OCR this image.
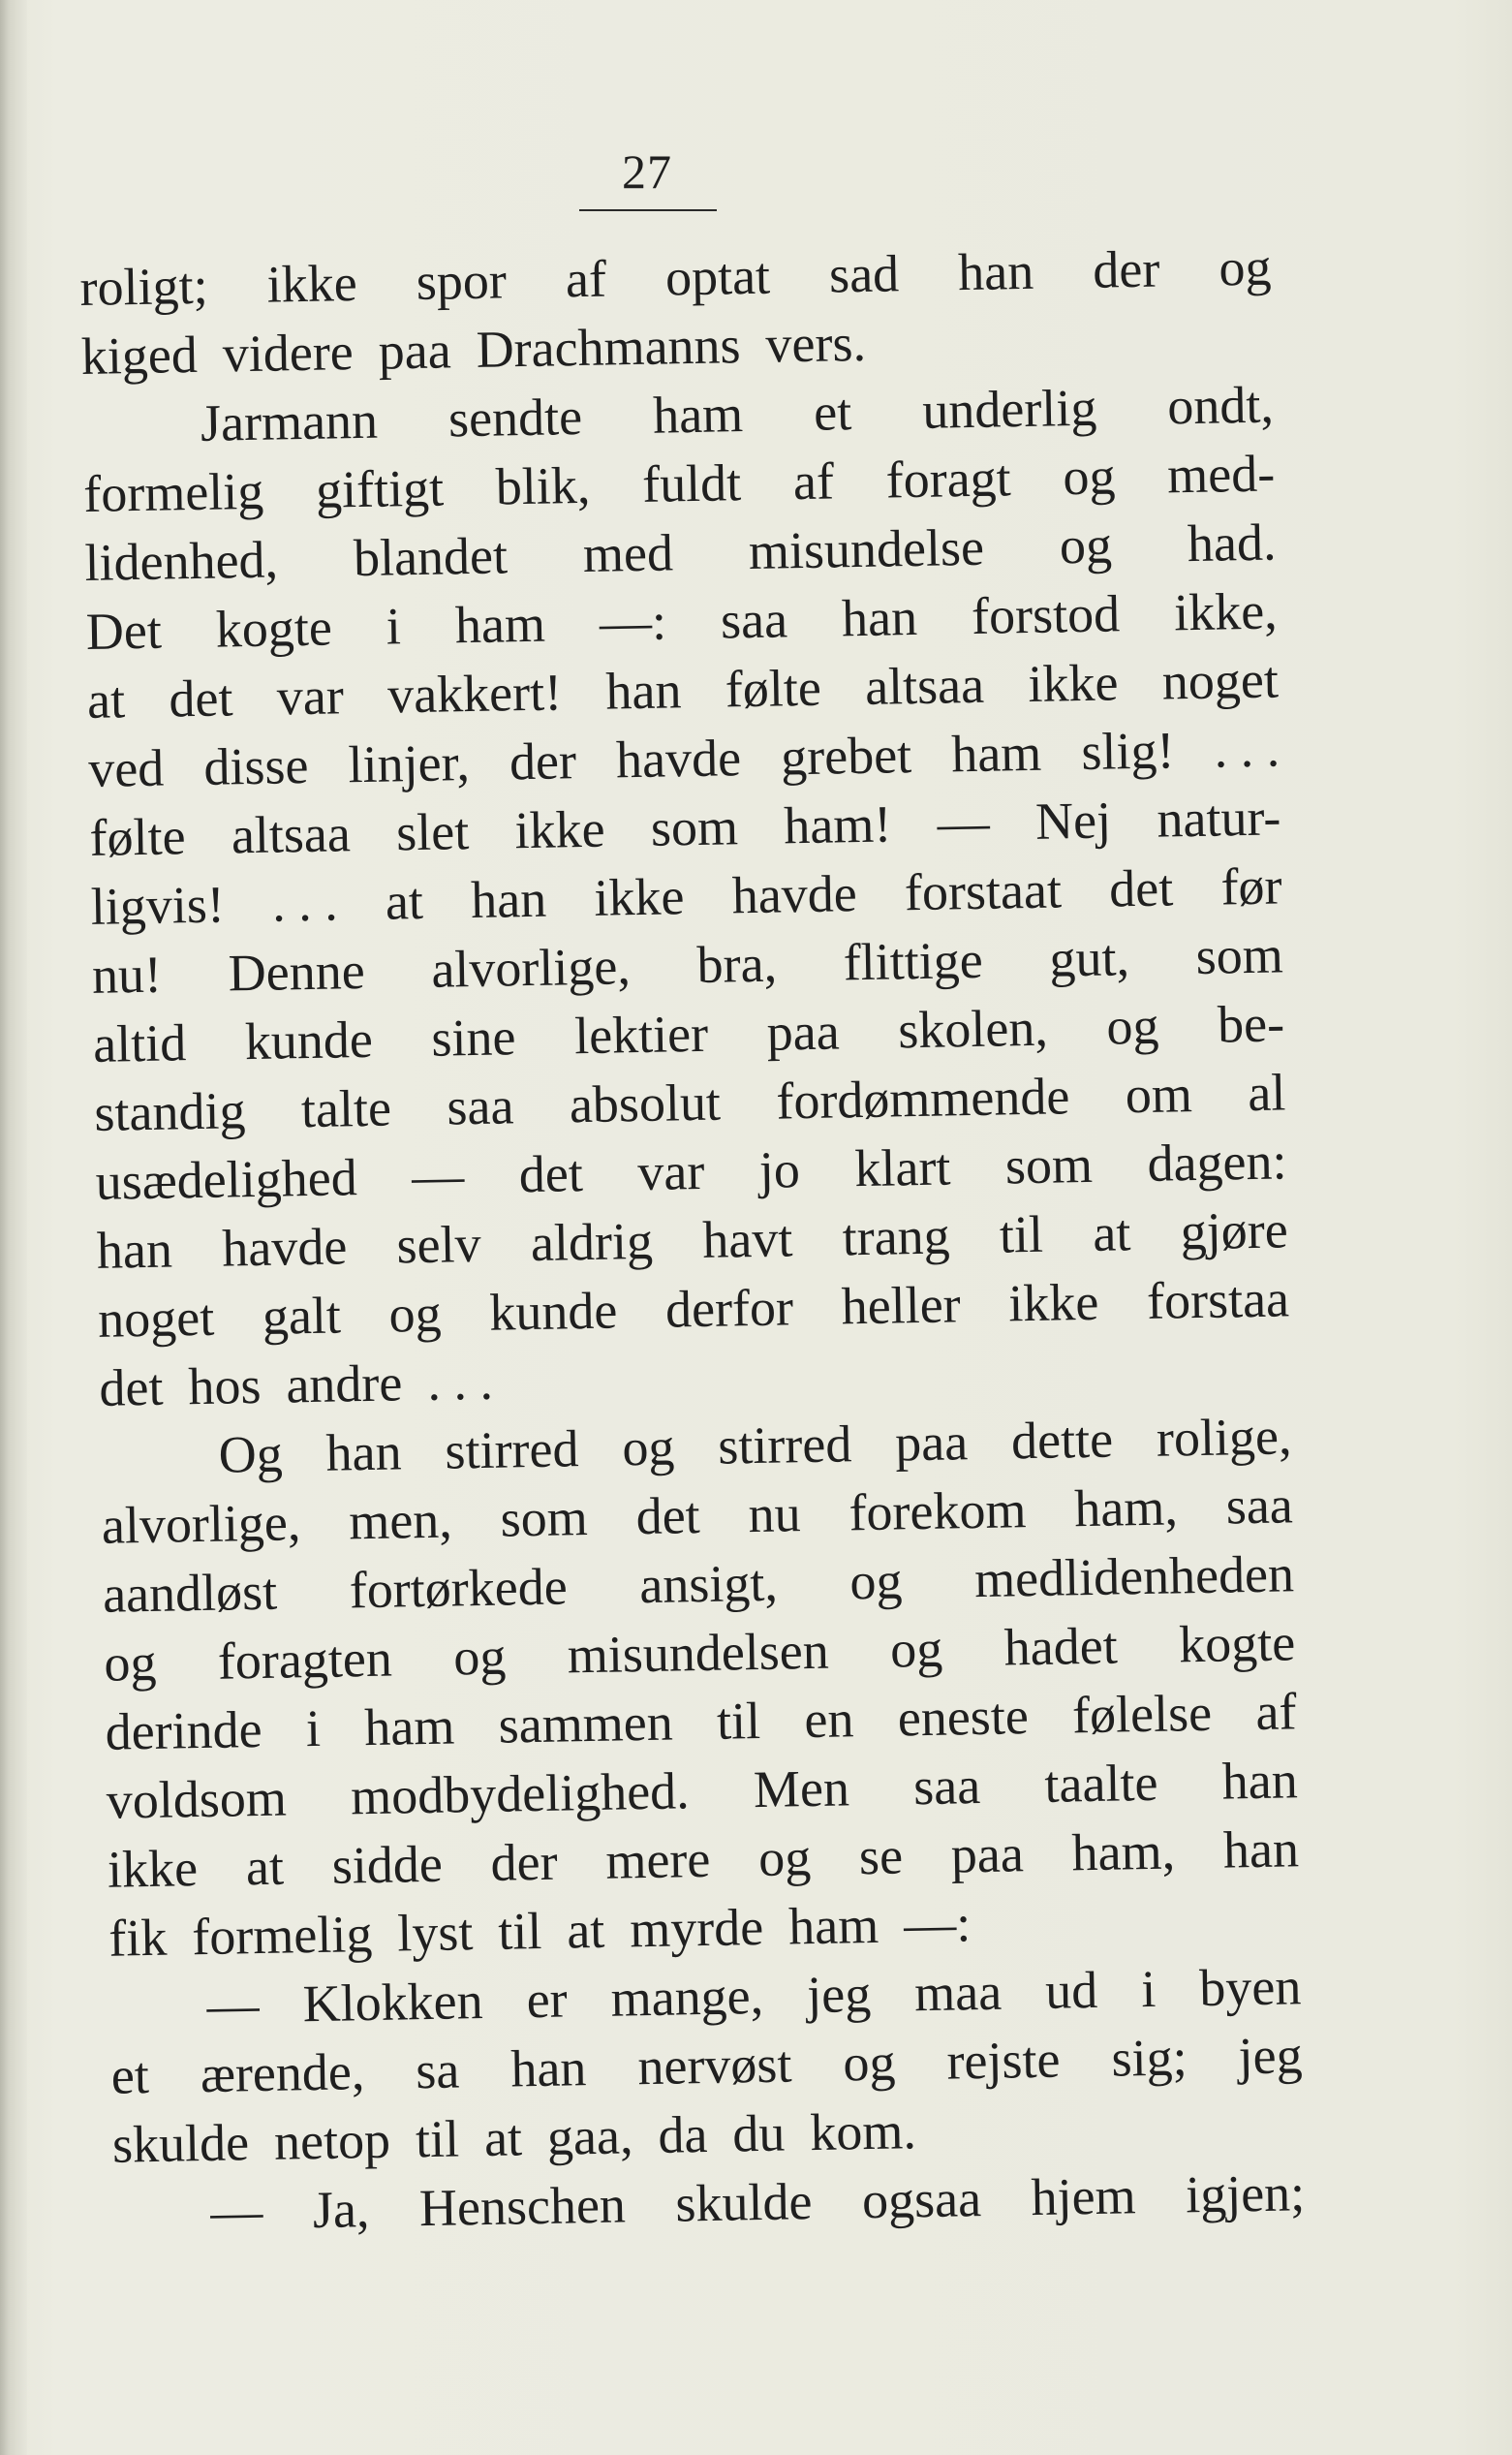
27
roligt; ikke spor af optat sad han der og
kiged videre paa Drachmanns vers.
Jarmann sendte ham et underlig ondt,
formelig giftigt blik, fuldt af foragt og med-
lidenhed, blandet med misundelse og had.
Det kogte i ham —: saa han forstod ikke,
at det var vakkert! han følte altsaa ikke noget
ved disse linjer, der havde grebet ham slig! . . .
følte altsaa slet ikke som ham! — Nej natur-
ligvis! . . . at han ikke havde forstaat det før
nu! Denne alvorlige, bra, flittige gut, som
altid kunde sine lektier paa skolen, og be-
standig talte saa absolut fordømmende om al
usædelighed — det var jo klart som dagen:
han havde selv aldrig havt trang til at gjøre
noget galt og kunde derfor heller ikke forstaa
det hos andre . . .
Og han stirred og stirred paa dette rolige,
alvorlige, men, som det nu forekom ham, saa
aandløst fortørkede ansigt, og medlidenheden
og foragten og misundelsen og hadet kogte
derinde i ham sammen til en eneste følelse af
voldsom modbydelighed. Men saa taalte han
ikke at sidde der mere og se paa ham, han
fik formelig lyst til at myrde ham —:
— Klokken er mange, jeg maa ud i byen
et ærende, sa han nervøst og rejste sig; jeg
skulde netop til at gaa, da du kom.
— Ja, Henschen skulde ogsaa hjem igjen;
